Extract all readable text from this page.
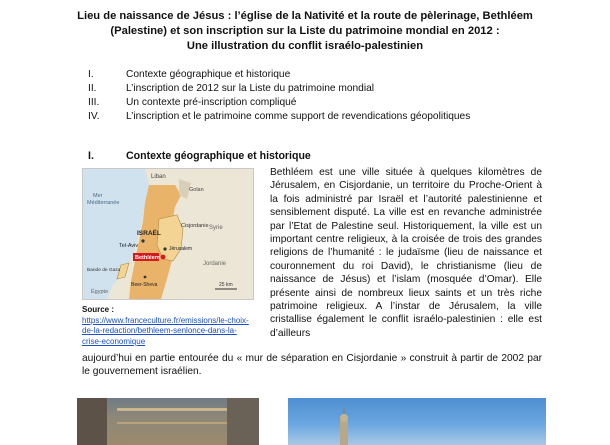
Lieu de naissance de Jésus : l’église de la Nativité et la route de pèlerinage, Bethléem
(Palestine) et son inscription sur la Liste du patrimoine mondial en 2012 :
Une illustration du conflit israélo-palestinien
I.	Contexte géographique et historique
II.	L’inscription de 2012 sur la Liste du patrimoine mondial
III.	Un contexte pré-inscription compliqué
IV.	L’inscription et le patrimoine comme support de revendications géopolitiques
I.	Contexte géographique et historique
Liban
Mer Méditerranée
Golan
Syrie
Cisjordanie
ISRAËL
Tel-Aviv	Jérusalem
Bethléem
Bande de Gaza
Jordanie
Beer-Sheva
Égypte
25 km
Source : https://www.franceculture.fr/emissions/le-choix-de-la-redaction/bethleem-senlonce-dans-la-crise-economique
Bethléem est une ville située à quelques kilomètres de Jérusalem, en Cisjordanie, un territoire du Proche-Orient à la fois administré par Israël et l’autorité palestinienne et sensiblement disputé. La ville est en revanche administrée par l’Etat de Palestine seul. Historiquement, la ville est un important centre religieux, à la croisée de trois des grandes religions de l’humanité : le judaïsme (lieu de naissance et couronnement du roi David), le christianisme (lieu de naissance de Jésus) et l’islam (mosquée d’Omar). Elle présente ainsi de nombreux lieux saints et un très riche patrimoine religieux. A l’instar de Jérusalem, la ville cristallise également le conflit israélo-palestinien : elle est d’ailleurs
aujourd’hui en partie entourée du « mur de séparation en Cisjordanie » construit à partir de 2002 par le gouvernement israélien.
